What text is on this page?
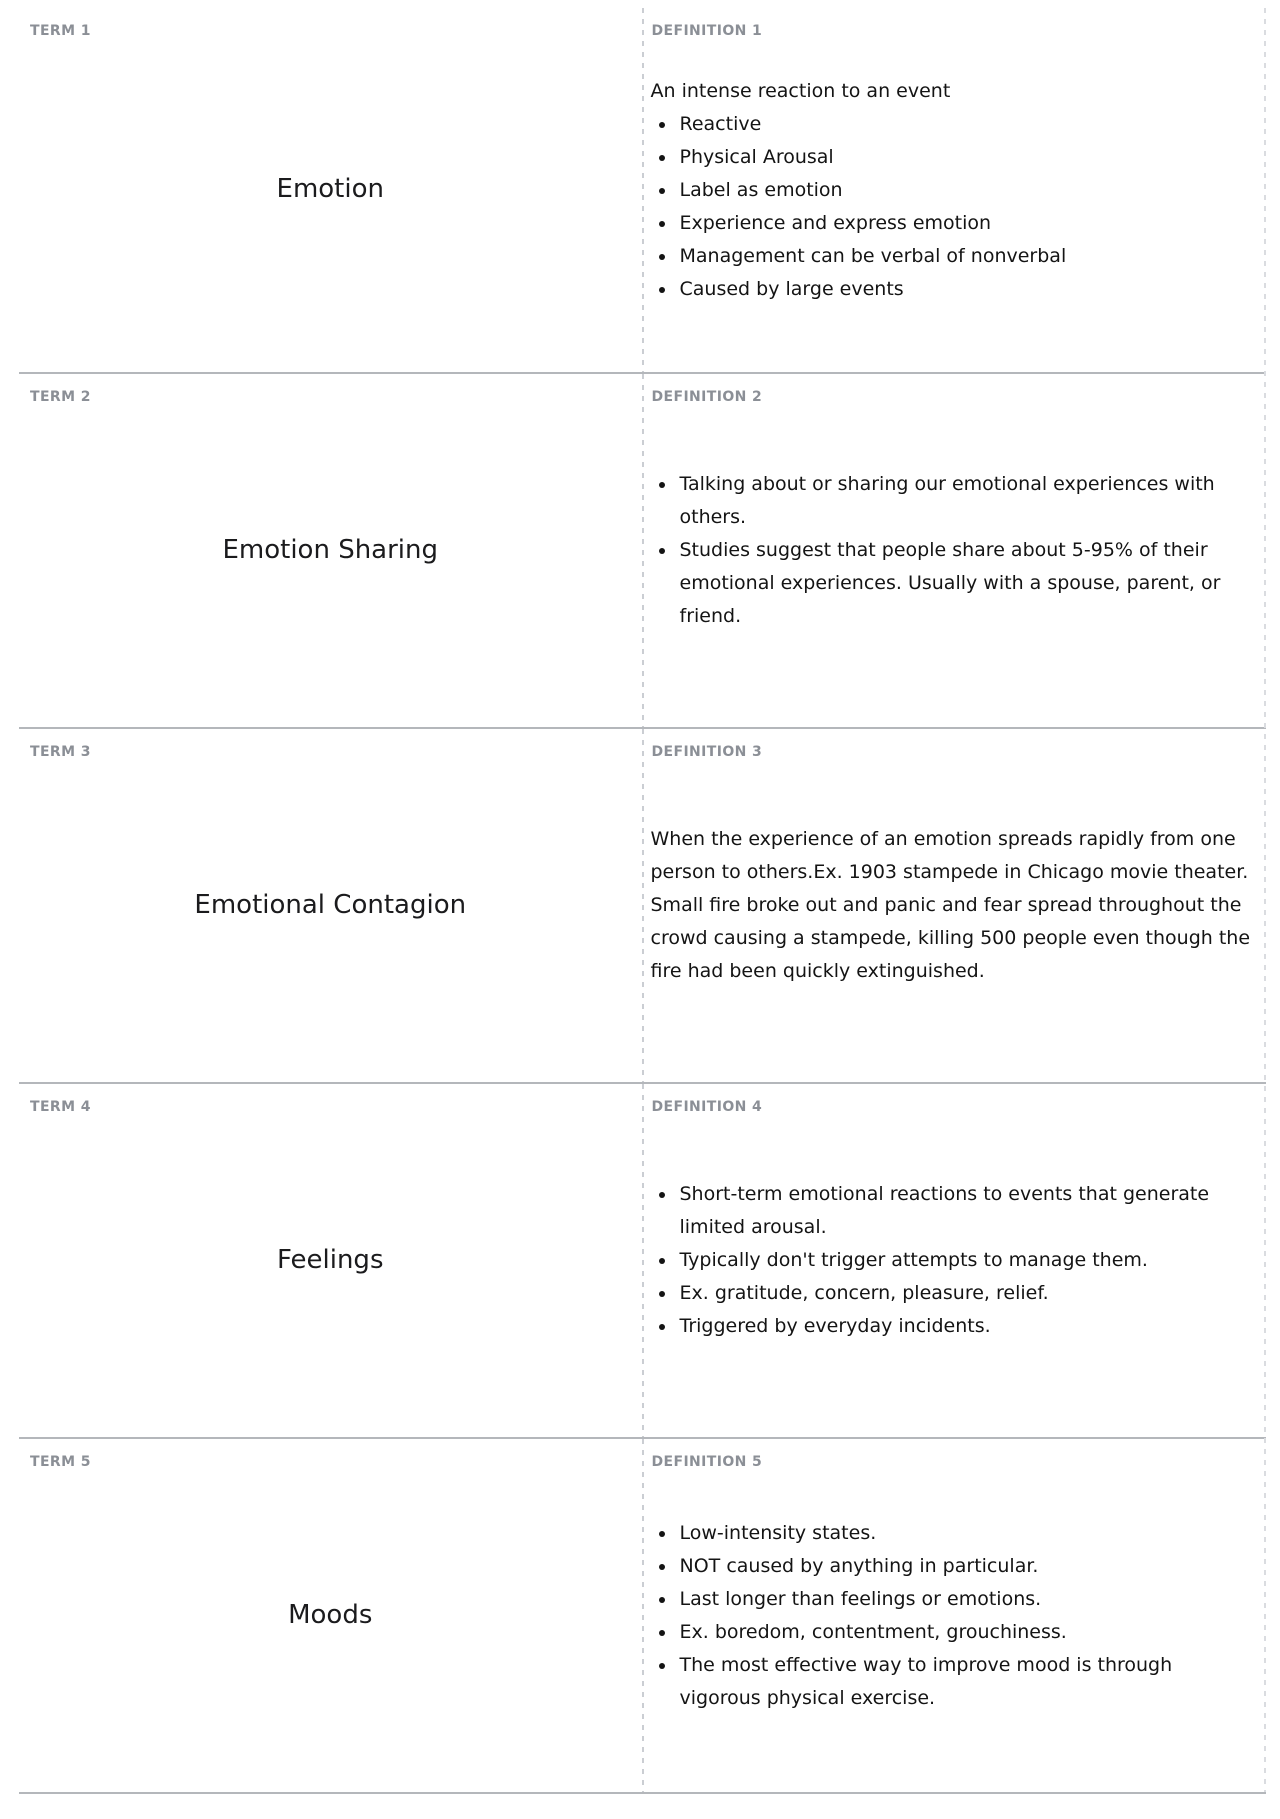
TERM 1
Emotion
DEFINITION 1

An intense reaction to an event

• Reactive
• Physical Arousal
• Label as emotion
• Experience and express emotion
• Management can be verbal of nonverbal
• Caused by large events
TERM 2
Emotion Sharing
DEFINITION 2
• Talking about or sharing our emotional experiences with others.
• Studies suggest that people share about 5-95% of their emotional experiences. Usually with a spouse, parent, or friend.
TERM 3
Emotional Contagion
DEFINITION 3

When the experience of an emotion spreads rapidly from one person to others.Ex. 1903 stampede in Chicago movie theater. Small fire broke out and panic and fear spread throughout the crowd causing a stampede, killing 500 people even though the fire had been quickly extinguished.

TERM 4
Feelings
DEFINITION 4
• Short-term emotional reactions to events that generate limited arousal.
• Typically don't trigger attempts to manage them.
• Ex. gratitude, concern, pleasure, relief.
• Triggered by everyday incidents.
TERM 5
Moods
DEFINITION 5
• Low-intensity states.
• NOT caused by anything in particular.
• Last longer than feelings or emotions.
• Ex. boredom, contentment, grouchiness.
• The most effective way to improve mood is through vigorous physical exercise.
